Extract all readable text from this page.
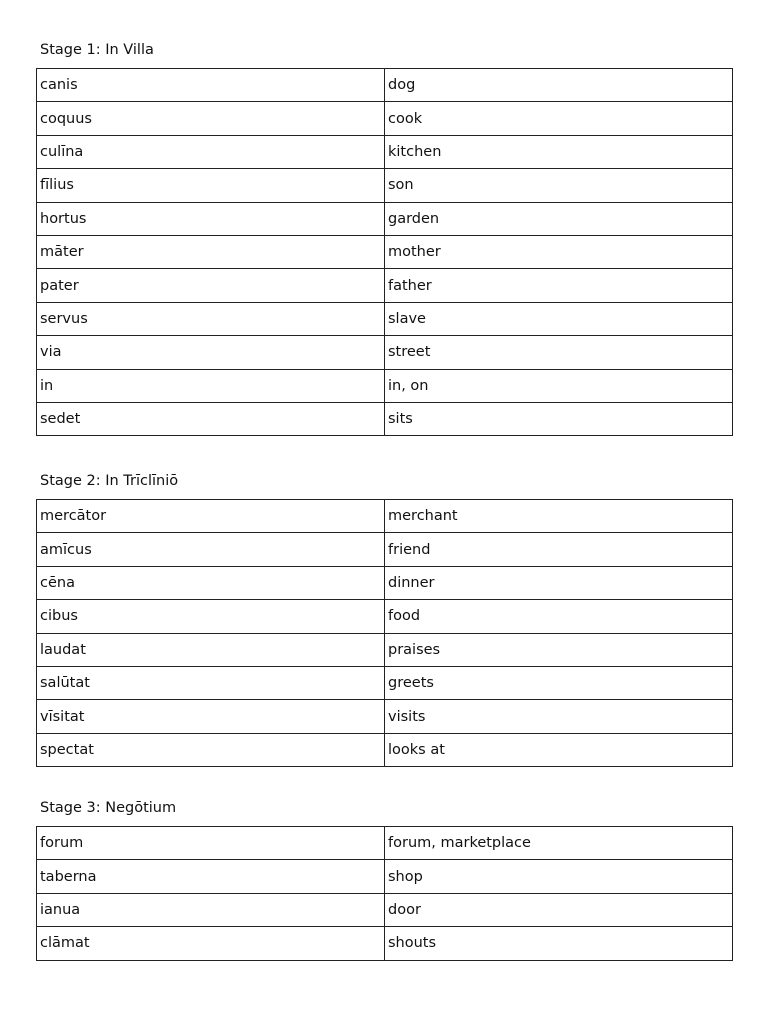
Stage 1: In Villa
canis	dog
coquus	cook
culīna	kitchen
fīlius	son
hortus	garden
māter	mother
pater	father
servus	slave
via	street
in	in, on
sedet	sits
Stage 2: In Trīclīniō
mercātor	merchant
amīcus	friend
cēna	dinner
cibus	food
laudat	praises
salūtat	greets
vīsitat	visits
spectat	looks at
Stage 3: Negōtium
forum	forum, marketplace
taberna	shop
ianua	door
clāmat	shouts
